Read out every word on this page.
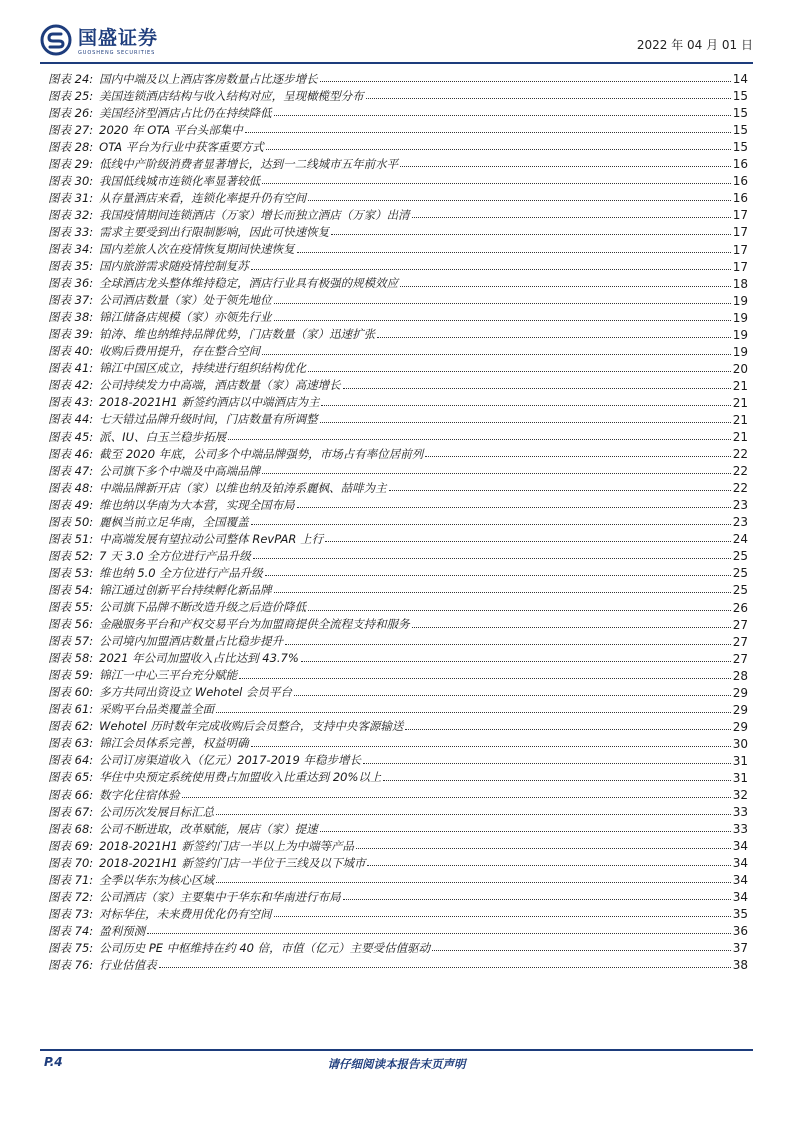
国盛证券
GUOSHENG SECURITIES
2022 年 04 月 01 日
图表 24: 国内中端及以上酒店客房数量占比逐步增长	14
图表 25: 美国连锁酒店结构与收入结构对应，呈现橄榄型分布	15
图表 26: 美国经济型酒店占比仍在持续降低	15
图表 27: 2020 年 OTA 平台头部集中	15
图表 28: OTA 平台为行业中获客重要方式	15
图表 29: 低线中产阶级消费者显著增长，达到一二线城市五年前水平	16
图表 30: 我国低线城市连锁化率显著较低	16
图表 31: 从存量酒店来看，连锁化率提升仍有空间	16
图表 32: 我国疫情期间连锁酒店（万家）增长而独立酒店（万家）出清	17
图表 33: 需求主要受到出行限制影响，因此可快速恢复	17
图表 34: 国内差旅人次在疫情恢复期间快速恢复	17
图表 35: 国内旅游需求随疫情控制复苏	17
图表 36: 全球酒店龙头整体维持稳定，酒店行业具有极强的规模效应	18
图表 37: 公司酒店数量（家）处于领先地位	19
图表 38: 锦江储备店规模（家）亦领先行业	19
图表 39: 铂涛、维也纳维持品牌优势，门店数量（家）迅速扩张	19
图表 40: 收购后费用提升，存在整合空间	19
图表 41: 锦江中国区成立，持续进行组织结构优化	20
图表 42: 公司持续发力中高端，酒店数量（家）高速增长	21
图表 43: 2018-2021H1 新签约酒店以中端酒店为主	21
图表 44: 七天错过品牌升级时间，门店数量有所调整	21
图表 45: 派、IU、白玉兰稳步拓展	21
图表 46: 截至 2020 年底，公司多个中端品牌强势，市场占有率位居前列	22
图表 47: 公司旗下多个中端及中高端品牌	22
图表 48: 中端品牌新开店（家）以维也纳及铂涛系麗枫、喆啡为主	22
图表 49: 维也纳以华南为大本营，实现全国布局	23
图表 50: 麗枫当前立足华南，全国覆盖	23
图表 51: 中高端发展有望拉动公司整体 RevPAR 上行	24
图表 52: 7 天 3.0 全方位进行产品升级	25
图表 53: 维也纳 5.0 全方位进行产品升级	25
图表 54: 锦江通过创新平台持续孵化新品牌	25
图表 55: 公司旗下品牌不断改造升级之后造价降低	26
图表 56: 金融服务平台和产权交易平台为加盟商提供全流程支持和服务	27
图表 57: 公司境内加盟酒店数量占比稳步提升	27
图表 58: 2021 年公司加盟收入占比达到 43.7%	27
图表 59: 锦江一中心三平台充分赋能	28
图表 60: 多方共同出资设立 Wehotel 会员平台	29
图表 61: 采购平台品类覆盖全面	29
图表 62: Wehotel 历时数年完成收购后会员整合，支持中央客源输送	29
图表 63: 锦江会员体系完善，权益明确	30
图表 64: 公司订房渠道收入（亿元）2017-2019 年稳步增长	31
图表 65: 华住中央预定系统使用费占加盟收入比重达到 20%以上	31
图表 66: 数字化住宿体验	32
图表 67: 公司历次发展目标汇总	33
图表 68: 公司不断进取，改革赋能，展店（家）提速	33
图表 69: 2018-2021H1 新签约门店一半以上为中端等产品	34
图表 70: 2018-2021H1 新签约门店一半位于三线及以下城市	34
图表 71: 全季以华东为核心区域	34
图表 72: 公司酒店（家）主要集中于华东和华南进行布局	34
图表 73: 对标华住，未来费用优化仍有空间	35
图表 74: 盈利预测	36
图表 75: 公司历史 PE 中枢维持在约 40 倍，市值（亿元）主要受估值驱动	37
图表 76: 行业估值表	38
P.4	请仔细阅读本报告末页声明
